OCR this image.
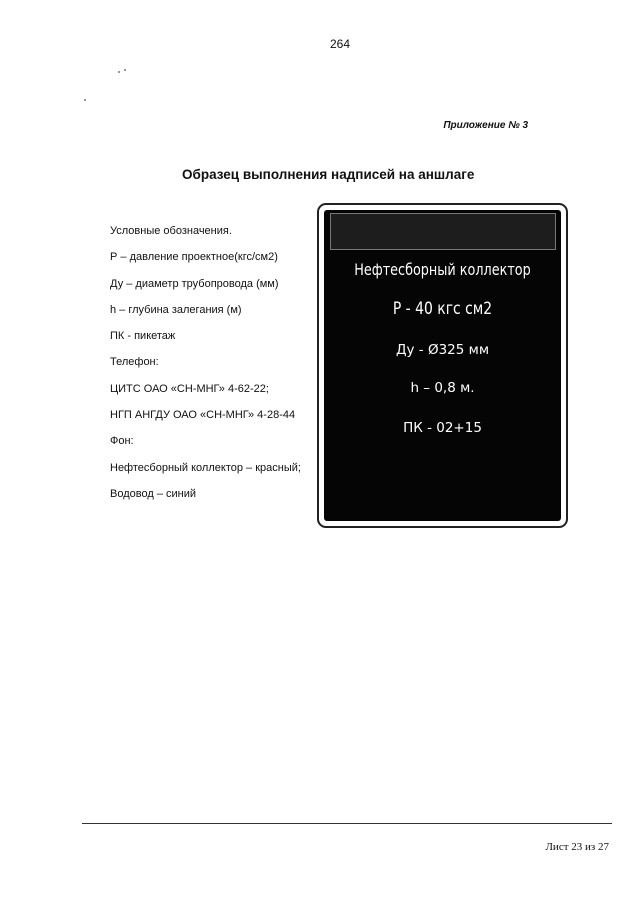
264
Приложение № 3
Образец выполнения надписей на аншлаге
Условные обозначения.
Р – давление проектное(кгс/см2)
Ду – диаметр трубопровода (мм)
h – глубина залегания (м)
ПК - пикетаж
Телефон:
ЦИТС ОАО «СН-МНГ» 4-62-22;
НГП АНГДУ ОАО «СН-МНГ» 4-28-44
Фон:
Нефтесборный коллектор – красный;
Водовод – синий
Нефтесборный коллектор
Р - 40 кгс см2
Ду - Ø325 мм
h – 0,8 м.
ПК - 02+15
Лист 23 из 27
